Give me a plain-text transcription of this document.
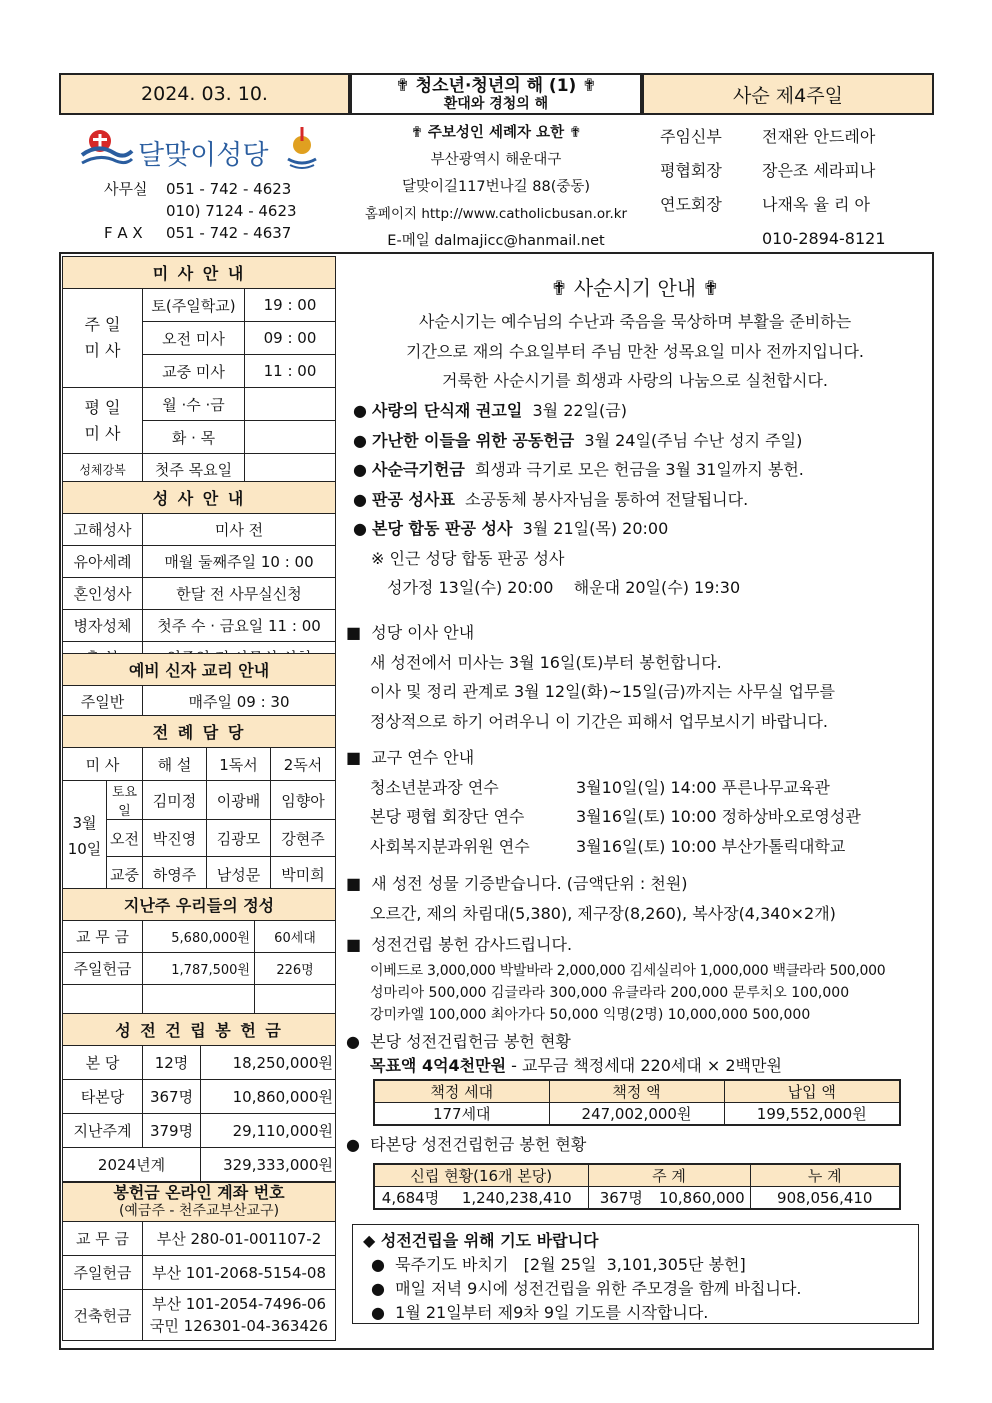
2024. 03. 10.	✟ 청소년·청년의 해 (1) ✟
환대와 경청의 해	사순 제4주일
달맞이성당
사무실 051 - 742 - 4623
010) 7124 - 4623
F A X 051 - 742 - 4637
✟ 주보성인 세례자 요한 ✟
부산광역시 해운대구
달맞이길117번나길 88(중동)
홈페이지 http://www.catholicbusan.or.kr
E-메일 dalmajicc@hanmail.net
주임신부	전재완 안드레아
평협회장	장은조 세라피나
연도회장	나재옥 율 리 아
010-2894-8121
미 사 안 내		
주 일
미 사	토(주일학교)	19 : 00
	오전 미사	09 : 00
	교중 미사	11 : 00
평 일
미 사	월 ·수 ·금	
	화 · 목	
성체강복	첫주 목요일	
성 사 안 내	
고해성사	미사 전
유아세례	매월 둘째주일 10 : 00
혼인성사	한달 전 사무실신청
병자성체	첫주 수 · 금요일 11 : 00

예비 신자 교리 안내
주일반	매주일 09 : 30
전 례 담 당				
미 사		해 설	1독서	2독서
3월
10일	토요일	김미정	이광배	임향아
	오전	박진영	김광모	강현주
	교중	하영주	남성문	박미희
지난주 우리들의 정성		
교 무 금	5,680,000원	60세대
주일헌금	1,787,500원	226명

성 전 건 립 봉 헌 금		
본 당	12명	18,250,000원
타본당	367명	10,860,000원
지난주계	379명	29,110,000원
2024년계		329,333,000원
봉헌금 온라인 계좌 번호
(예금주 - 천주교부산교구)	

교 무 금	부산 280-01-001107-2
주일헌금	부산 101-2068-5154-08
건축헌금	부산 101-2054-7496-06
국민 126301-04-363426
✟ 사순시기 안내 ✟
사순시기는 예수님의 수난과 죽음을 묵상하며 부활을 준비하는
기간으로 재의 수요일부터 주님 만찬 성목요일 미사 전까지입니다.
거룩한 사순시기를 희생과 사랑의 나눔으로 실천합시다.
● 사랑의 단식재 권고일 3월 22일(금)
● 가난한 이들을 위한 공동헌금 3월 24일(주님 수난 성지 주일)
● 사순극기헌금 희생과 극기로 모은 헌금을 3월 31일까지 봉헌.
● 판공 성사표 소공동체 봉사자님을 통하여 전달됩니다.
● 본당 합동 판공 성사 3월 21일(목) 20:00
※ 인근 성당 합동 판공 성사
성가정 13일(수) 20:00    해운대 20일(수) 19:30
■  성당 이사 안내
새 성전에서 미사는 3월 16일(토)부터 봉헌합니다.
이사 및 정리 관계로 3월 12일(화)~15일(금)까지는 사무실 업무를
정상적으로 하기 어려우니 이 기간은 피해서 업무보시기 바랍니다.
■  교구 연수 안내
청소년분과장 연수	3월10일(일) 14:00 푸른나무교육관
본당 평협 회장단 연수	3월16일(토) 10:00 정하상바오로영성관
사회복지분과위원 연수	3월16일(토) 10:00 부산가톨릭대학교
■  새 성전 성물 기증받습니다. (금액단위 : 천원)
오르간, 제의 차림대(5,380), 제구장(8,260), 복사장(4,340×2개)
■  성전건립 봉헌 감사드립니다.
이베드로 3,000,000 박발바라 2,000,000 김세실리아 1,000,000 백클라라 500,000
성마리아 500,000 김글라라 300,000 유클라라 200,000 문루치오 100,000
강미카엘 100,000 최아가다 50,000 익명(2명) 10,000,000 500,000
●  본당 성전건립헌금 봉헌 현황
목표액 4억4천만원 - 교무금 책정세대 220세대 × 2백만원
책정 세대	책정 액	납입 액
177세대	247,002,000원	199,552,000원
●  타본당 성전건립헌금 봉헌 현황
신립 현황(16개 본당)		주 계		누 계
4,684명	1,240,238,410	367명	10,860,000	908,056,410
◆ 성전건립을 위해 기도 바랍니다
●  묵주기도 바치기   [2월 25일  3,101,305단 봉헌]
●  매일 저녁 9시에 성전건립을 위한 주모경을 함께 바칩니다.
●  1월 21일부터 제9차 9일 기도를 시작합니다.
